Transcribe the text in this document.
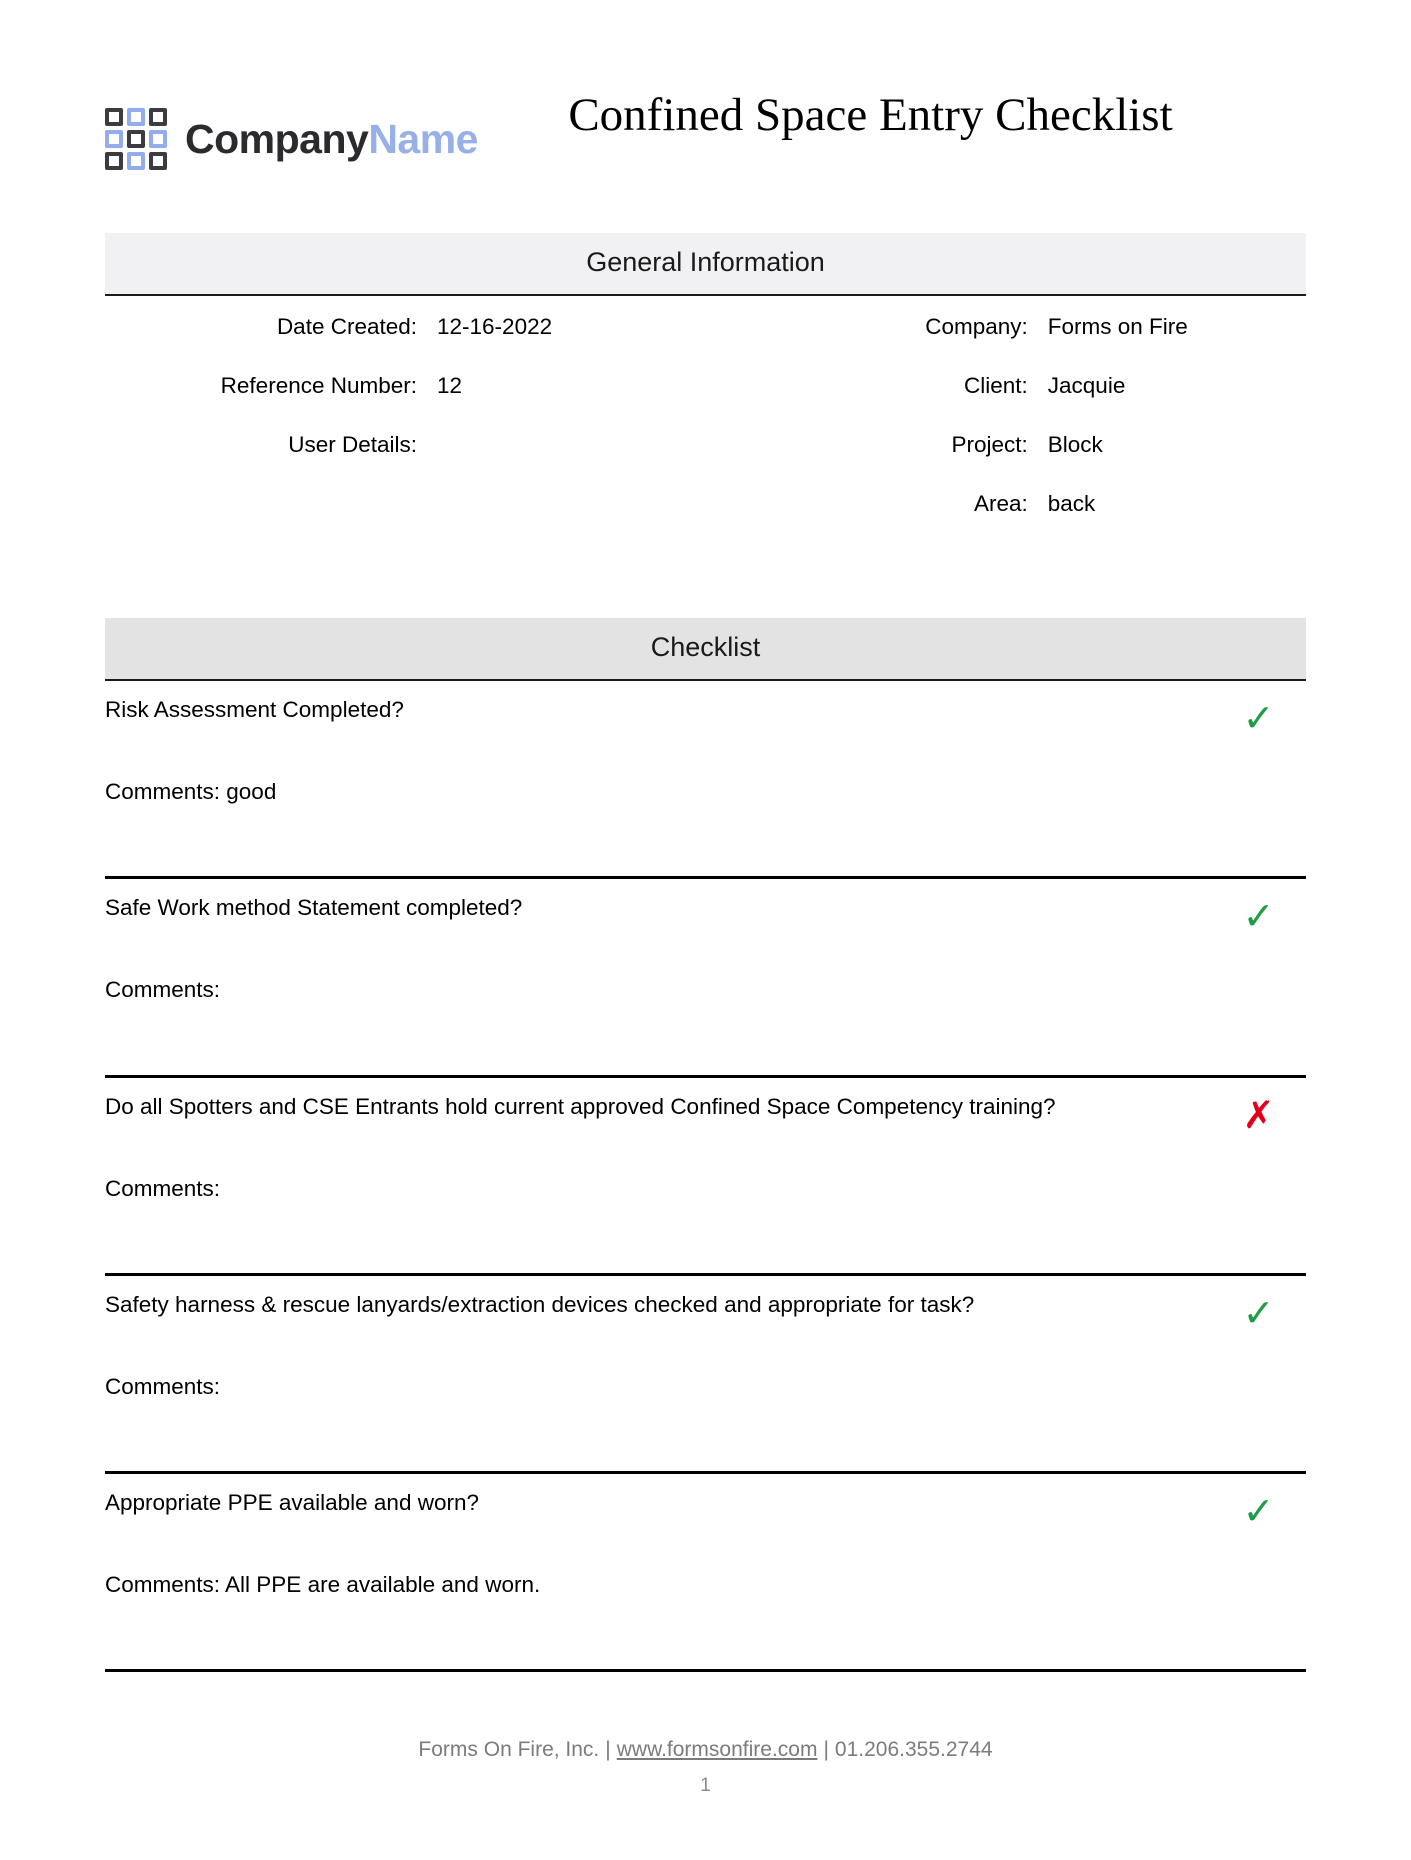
CompanyName	Confined Space Entry Checklist
General Information
Date Created: 12-16-2022
Reference Number: 12
User Details:
Company: Forms on Fire
Client: Jacquie
Project: Block
Area: back
Checklist
Risk Assessment Completed?	✓
Comments: good
Safe Work method Statement completed?	✓
Comments:
Do all Spotters and CSE Entrants hold current approved Confined Space Competency training?	✗
Comments:
Safety harness & rescue lanyards/extraction devices checked and appropriate for task?	✓
Comments:
Appropriate PPE available and worn?	✓
Comments: All PPE are available and worn.
Forms On Fire, Inc. | www.formsonfire.com | 01.206.355.2744
1
